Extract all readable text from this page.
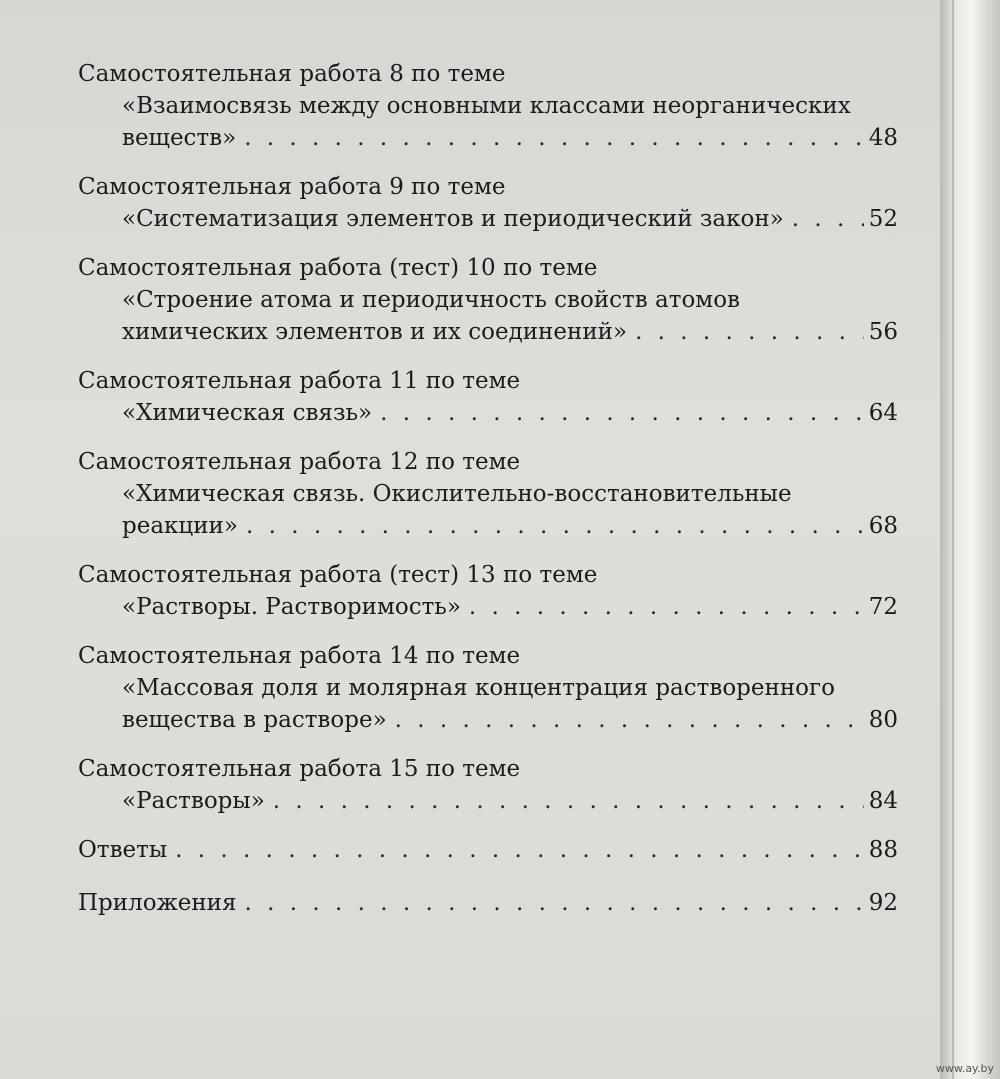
Самостоятельная работа 8 по теме
«Взаимосвязь между основными классами неорганических
веществ» . . .	48
Самостоятельная работа 9 по теме
«Систематизация элементов и периодический закон» . . .	52
Самостоятельная работа (тест) 10 по теме
«Строение атома и периодичность свойств атомов
химических элементов и их соединений» . . .	56
Самостоятельная работа 11 по теме
«Химическая связь» . . .	64
Самостоятельная работа 12 по теме
«Химическая связь. Окислительно-восстановительные
реакции» . . .	68
Самостоятельная работа (тест) 13 по теме
«Растворы. Растворимость» . . .	72
Самостоятельная работа 14 по теме
«Массовая доля и молярная концентрация растворенного
вещества в растворе» . . .	80
Самостоятельная работа 15 по теме
«Растворы» . . .	84
Ответы . . .	88
Приложения . . .	92
www.ay.by
